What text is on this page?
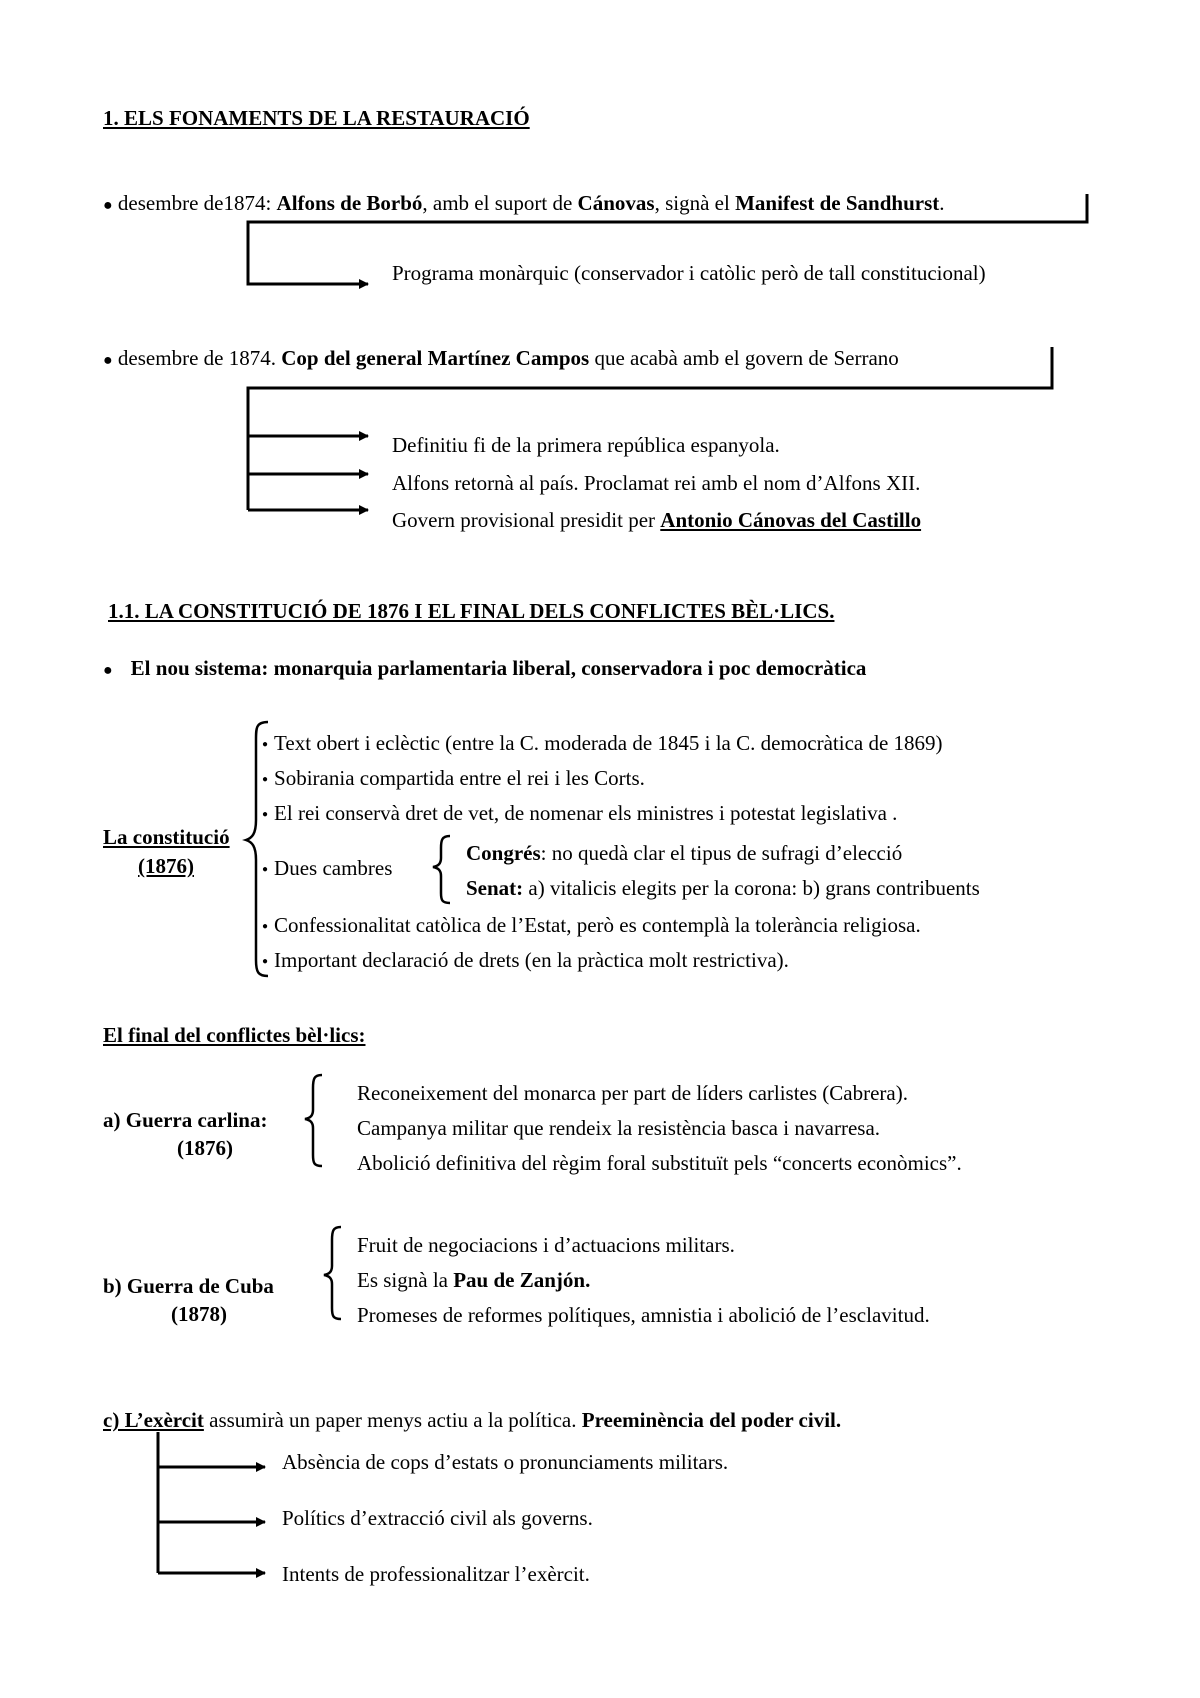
1. ELS FONAMENTS DE LA RESTAURACIÓ
● desembre de1874: Alfons de Borbó, amb el suport de Cánovas, signà el Manifest de Sandhurst.
Programa monàrquic (conservador i catòlic però de tall constitucional)
● desembre de 1874. Cop del general Martínez Campos que acabà amb el govern de Serrano
Definitiu fi de la primera república espanyola.
Alfons retornà al país. Proclamat rei amb el nom d’Alfons XII.
Govern provisional presidit per Antonio Cánovas del Castillo
1.1. LA CONSTITUCIÓ DE 1876 I EL FINAL DELS CONFLICTES BÈL·LICS.
● El nou sistema: monarquia parlamentaria liberal, conservadora i poc democràtica
La constitució
(1876)
● Text obert i eclèctic (entre la C. moderada de 1845 i la C. democràtica de 1869)
● Sobirania compartida entre el rei i les Corts.
● El rei conservà dret de vet, de nomenar els ministres i potestat legislativa .
● Dues cambres
Congrés: no quedà clar el tipus de sufragi d’elecció
Senat: a) vitalicis elegits per la corona: b) grans contribuents
● Confessionalitat catòlica de l’Estat, però es contemplà la tolerància religiosa.
● Important declaració de drets (en la pràctica molt restrictiva).
El final del conflictes bèl·lics:
a) Guerra carlina:
(1876)
Reconeixement del monarca per part de líders carlistes (Cabrera).
Campanya militar que rendeix la resistència basca i navarresa.
Abolició definitiva del règim foral substituït pels “concerts econòmics”.
b) Guerra de Cuba
(1878)
Fruit de negociacions i d’actuacions militars.
Es signà la Pau de Zanjón.
Promeses de reformes polítiques, amnistia i abolició de l’esclavitud.
c) L’exèrcit assumirà un paper menys actiu a la política. Preeminència del poder civil.
Absència de cops d’estats o pronunciaments militars.
Polítics d’extracció civil als governs.
Intents de professionalitzar l’exèrcit.
